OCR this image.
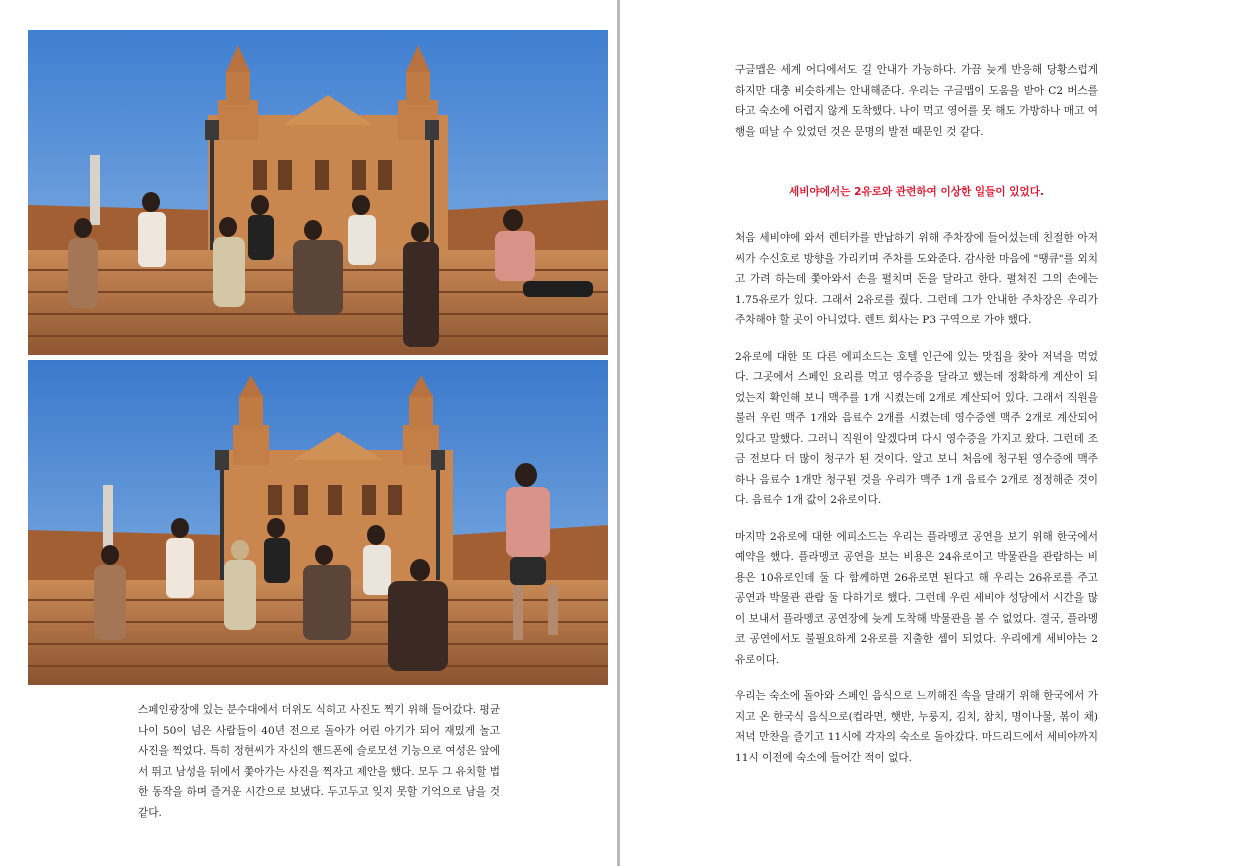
스페인광장에 있는 분수대에서 더위도 식히고 사진도 찍기 위해 들어갔다. 평균나이 50이 넘은 사람들이 40년 전으로 돌아가 어린 아기가 되어 재밌게 놀고 사진을 찍었다. 특히 정현씨가 자신의 핸드폰에 슬로모션 기능으로 여성은 앞에서 뛰고 남성을 뒤에서 쫓아가는 사진을 찍자고 제안을 했다. 모두 그 유치할 법한 동작을 하며 즐거운 시간으로 보냈다. 두고두고 잊지 못할 기억으로 남을 것 같다.

구글맵은 세계 어디에서도 길 안내가 가능하다. 가끔 늦게 반응해 당황스럽게 하지만 대충 비슷하게는 안내해준다. 우리는 구글맵이 도움을 받아 C2 버스를 타고 숙소에 어렵지 않게 도착했다. 나이 먹고 영어를 못 해도 가방하나 매고 여행을 떠날 수 있었던 것은 문명의 발전 때문인 것 같다.

세비야에서는 2유로와 관련하여 이상한 일들이 있었다.

처음 세비야에 와서 렌터카를 반납하기 위해 주차장에 들어섰는데 친절한 아저씨가 수신호로 방향을 가리키며 주차를 도와준다. 감사한 마음에 "땡큐"를 외치고 가려 하는데 쫓아와서 손을 펼치며 돈을 달라고 한다. 펼쳐진 그의 손에는 1.75유로가 있다. 그래서 2유로를 줬다. 그런데 그가 안내한 주차장은 우리가 주차해야 할 곳이 아니었다. 렌트 회사는 P3 구역으로 가야 했다.

2유로에 대한 또 다른 에피소드는 호텔 인근에 있는 맛집을 찾아 저녁을 먹었다. 그곳에서 스페인 요리를 먹고 영수증을 달라고 했는데 정확하게 계산이 되었는지 확인해 보니 맥주를 1개 시켰는데 2개로 계산되어 있다. 그래서 직원을 불러 우린 맥주 1개와 음료수 2개를 시켰는데 영수증엔 맥주 2개로 계산되어 있다고 말했다. 그러니 직원이 알겠다며 다시 영수증을 가지고 왔다. 그런데 조금 전보다 더 많이 청구가 된 것이다. 알고 보니 처음에 청구된 영수증에 맥주 하나 음료수 1개만 청구된 것을 우리가 맥주 1개 음료수 2개로 정정해준 것이다. 음료수 1개 값이 2유로이다.

마지막 2유로에 대한 에피소드는 우리는 플라멩코 공연을 보기 위해 한국에서 예약을 했다. 플라멩코 공연을 보는 비용은 24유로이고 박물관을 관람하는 비용은 10유로인데 둘 다 함께하면 26유로면 된다고 해 우리는 26유로를 주고 공연과 박물관 관람 둘 다하기로 했다. 그런데 우린 세비야 성당에서 시간을 많이 보내서 플라멩코 공연장에 늦게 도착해 박물관을 볼 수 없었다. 결국, 플라멩코 공연에서도 불필요하게 2유로를 지출한 셈이 되었다. 우리에게 세비야는 2유로이다.

우리는 숙소에 돌아와 스페인 음식으로 느끼해진 속을 달래기 위해 한국에서 가지고 온 한국식 음식으로(컵라면, 햇반, 누룽지, 김치, 참치, 명이나물, 볶이 채) 저녁 만찬을 즐기고 11시에 각자의 숙소로 돌아갔다. 마드리드에서 세비야까지 11시 이전에 숙소에 들어간 적이 없다.
